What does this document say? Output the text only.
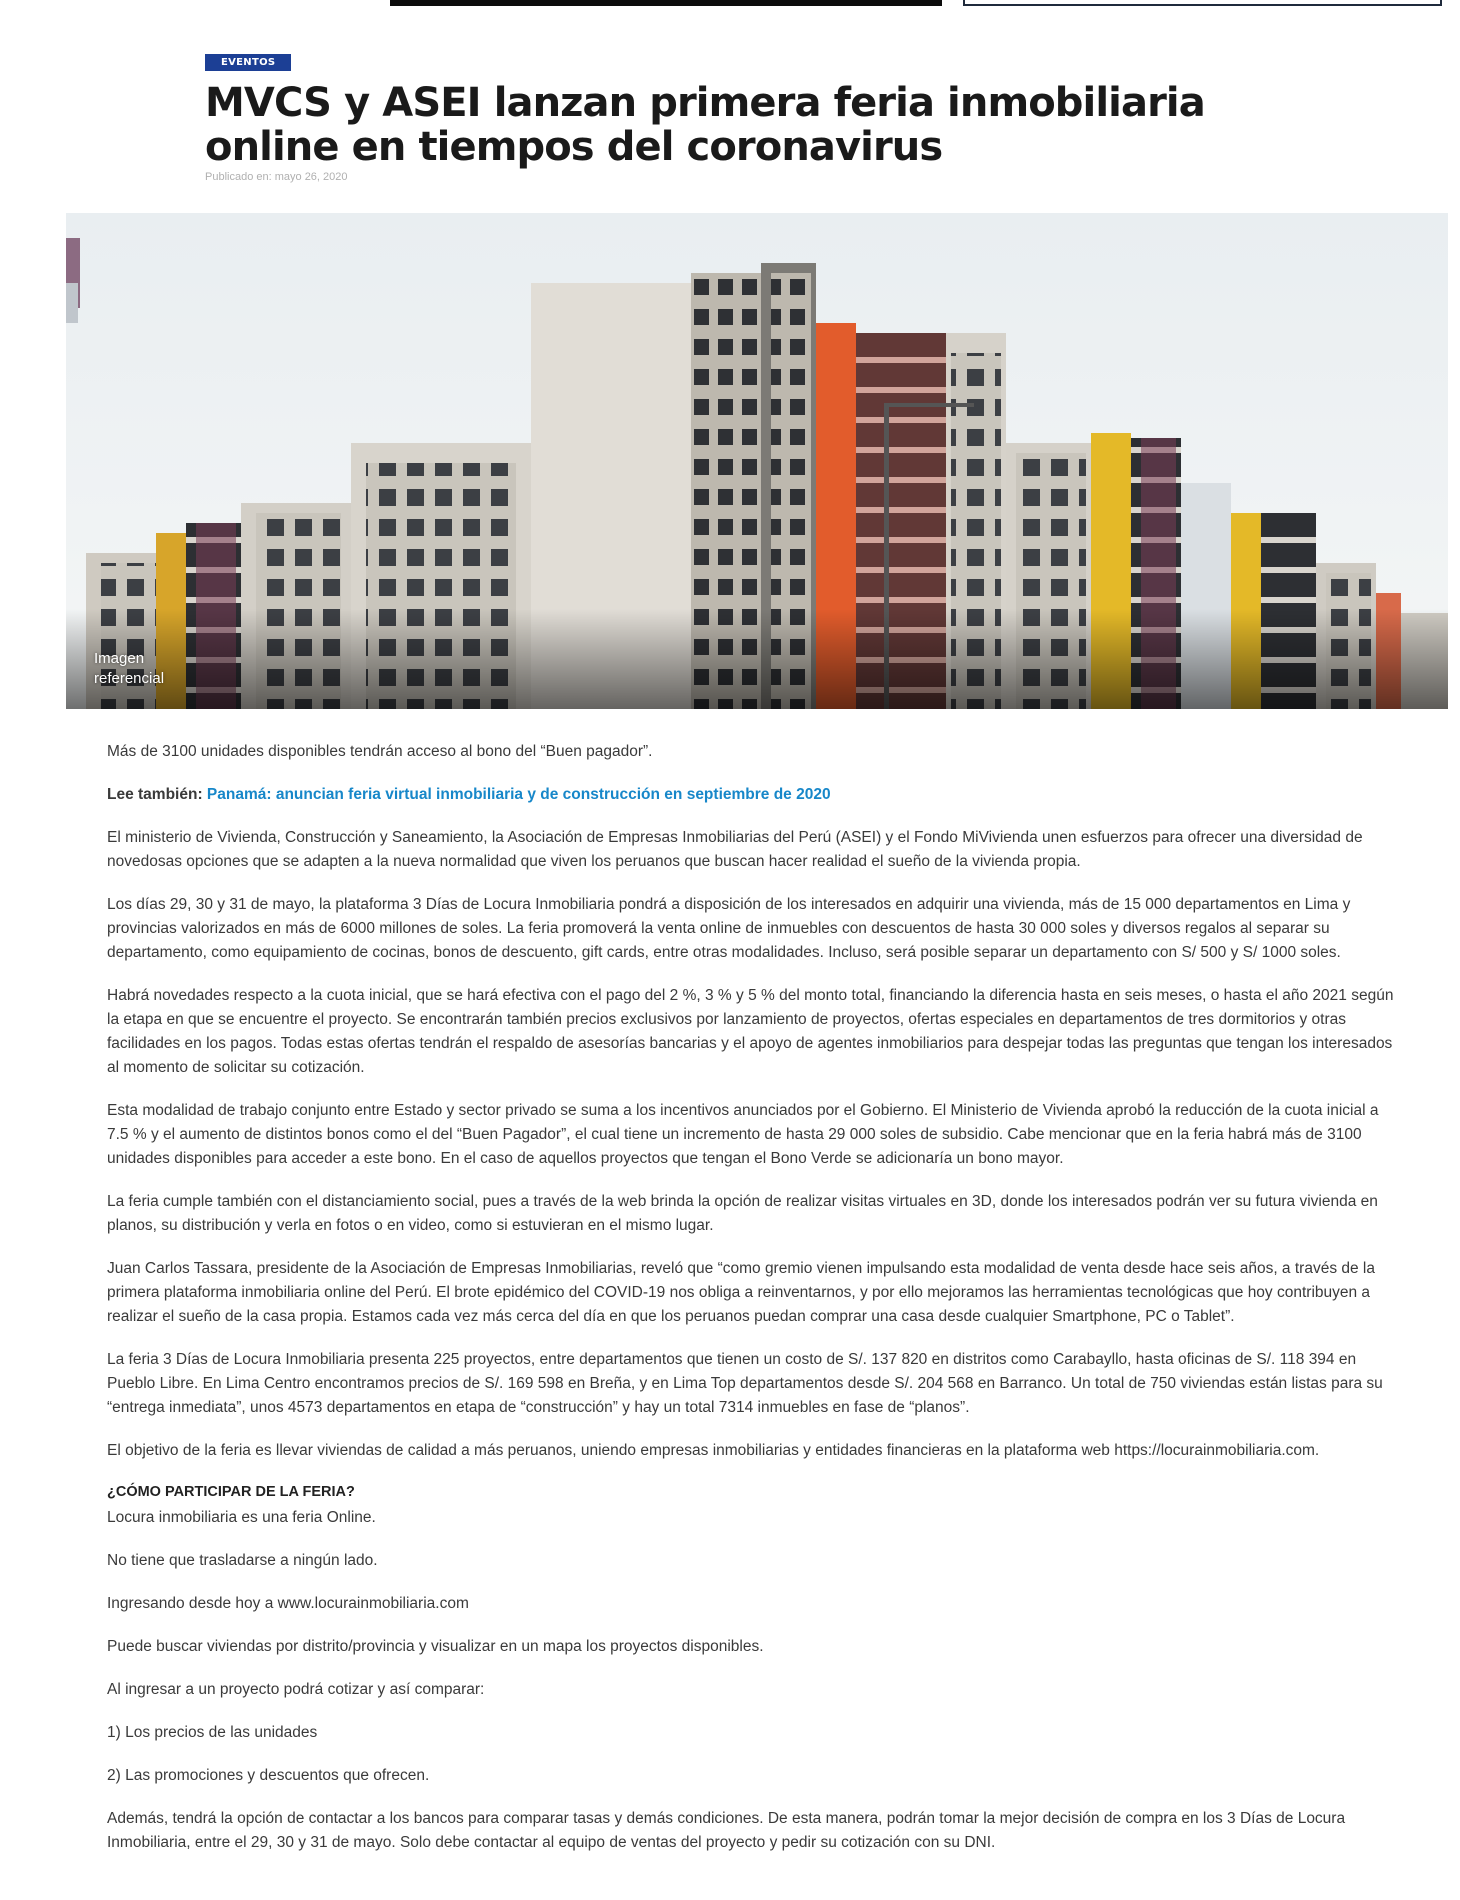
EVENTOS
MVCS y ASEI lanzan primera feria inmobiliaria online en tiempos del coronavirus
Publicado en: mayo 26, 2020
Imagen referencial

Más de 3100 unidades disponibles tendrán acceso al bono del “Buen pagador”.

Lee también: Panamá: anuncian feria virtual inmobiliaria y de construcción en septiembre de 2020

El ministerio de Vivienda, Construcción y Saneamiento, la Asociación de Empresas Inmobiliarias del Perú (ASEI) y el Fondo MiVivienda unen esfuerzos para ofrecer una diversidad de novedosas opciones que se adapten a la nueva normalidad que viven los peruanos que buscan hacer realidad el sueño de la vivienda propia.

Los días 29, 30 y 31 de mayo, la plataforma 3 Días de Locura Inmobiliaria pondrá a disposición de los interesados en adquirir una vivienda, más de 15 000 departamentos en Lima y provincias valorizados en más de 6000 millones de soles. La feria promoverá la venta online de inmuebles con descuentos de hasta 30 000 soles y diversos regalos al separar su departamento, como equipamiento de cocinas, bonos de descuento, gift cards, entre otras modalidades. Incluso, será posible separar un departamento con S/ 500 y S/ 1000 soles.

Habrá novedades respecto a la cuota inicial, que se hará efectiva con el pago del 2 %, 3 % y 5 % del monto total, financiando la diferencia hasta en seis meses, o hasta el año 2021 según la etapa en que se encuentre el proyecto. Se encontrarán también precios exclusivos por lanzamiento de proyectos, ofertas especiales en departamentos de tres dormitorios y otras facilidades en los pagos. Todas estas ofertas tendrán el respaldo de asesorías bancarias y el apoyo de agentes inmobiliarios para despejar todas las preguntas que tengan los interesados al momento de solicitar su cotización.

Esta modalidad de trabajo conjunto entre Estado y sector privado se suma a los incentivos anunciados por el Gobierno. El Ministerio de Vivienda aprobó la reducción de la cuota inicial a 7.5 % y el aumento de distintos bonos como el del “Buen Pagador”, el cual tiene un incremento de hasta 29 000 soles de subsidio. Cabe mencionar que en la feria habrá más de 3100 unidades disponibles para acceder a este bono. En el caso de aquellos proyectos que tengan el Bono Verde se adicionaría un bono mayor.

La feria cumple también con el distanciamiento social, pues a través de la web brinda la opción de realizar visitas virtuales en 3D, donde los interesados podrán ver su futura vivienda en planos, su distribución y verla en fotos o en video, como si estuvieran en el mismo lugar.

Juan Carlos Tassara, presidente de la Asociación de Empresas Inmobiliarias, reveló que “como gremio vienen impulsando esta modalidad de venta desde hace seis años, a través de la primera plataforma inmobiliaria online del Perú. El brote epidémico del COVID-19 nos obliga a reinventarnos, y por ello mejoramos las herramientas tecnológicas que hoy contribuyen a realizar el sueño de la casa propia. Estamos cada vez más cerca del día en que los peruanos puedan comprar una casa desde cualquier Smartphone, PC o Tablet”.

La feria 3 Días de Locura Inmobiliaria presenta 225 proyectos, entre departamentos que tienen un costo de S/. 137 820 en distritos como Carabayllo, hasta oficinas de S/. 118 394 en Pueblo Libre. En Lima Centro encontramos precios de S/. 169 598 en Breña, y en Lima Top departamentos desde S/. 204 568 en Barranco. Un total de 750 viviendas están listas para su “entrega inmediata”, unos 4573 departamentos en etapa de “construcción” y hay un total 7314 inmuebles en fase de “planos”.

El objetivo de la feria es llevar viviendas de calidad a más peruanos, uniendo empresas inmobiliarias y entidades financieras en la plataforma web https://locurainmobiliaria.com.

¿CÓMO PARTICIPAR DE LA FERIA?

Locura inmobiliaria es una feria Online.

No tiene que trasladarse a ningún lado.

Ingresando desde hoy a www.locurainmobiliaria.com

Puede buscar viviendas por distrito/provincia y visualizar en un mapa los proyectos disponibles.

Al ingresar a un proyecto podrá cotizar y así comparar:

1) Los precios de las unidades

2) Las promociones y descuentos que ofrecen.

Además, tendrá la opción de contactar a los bancos para comparar tasas y demás condiciones. De esta manera, podrán tomar la mejor decisión de compra en los 3 Días de Locura Inmobiliaria, entre el 29, 30 y 31 de mayo. Solo debe contactar al equipo de ventas del proyecto y pedir su cotización con su DNI.
